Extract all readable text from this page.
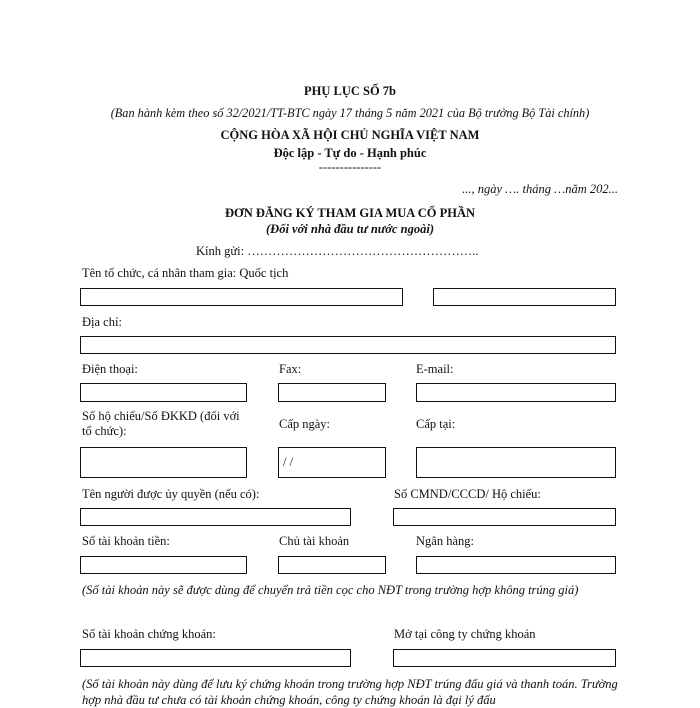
PHỤ LỤC SỐ 7b
(Ban hành kèm theo số 32/2021/TT-BTC ngày 17 tháng 5 năm 2021 của Bộ trưởng Bộ Tài chính)
CỘNG HÒA XÃ HỘI CHỦ NGHĨA VIỆT NAM
Độc lập - Tự do - Hạnh phúc
---------------
..., ngày …. tháng …năm 202...
ĐƠN ĐĂNG KÝ THAM GIA MUA CỔ PHẦN
(Đối với nhà đầu tư nước ngoài)
Kính gửi: ………………………………………………..
Tên tổ chức, cá nhân tham gia: Quốc tịch
Địa chỉ:
Điện thoại:	Fax:	E-mail:
Số hộ chiếu/Số ĐKKD (đối với tổ chức):	Cấp ngày:	Cấp tại:
/ /
Tên người được ủy quyền (nếu có):	Số CMND/CCCD/ Hộ chiếu:
Số tài khoản tiền:	Chủ tài khoản	Ngân hàng:
(Số tài khoản này sẽ được dùng để chuyển trả tiền cọc cho NĐT trong trường hợp không trúng giá)
Số tài khoản chứng khoán:	Mở tại công ty chứng khoán
(Số tài khoản này dùng để lưu ký chứng khoán trong trường hợp NĐT trúng đấu giá và thanh toán. Trường hợp nhà đầu tư chưa có tài khoản chứng khoán, công ty chứng khoán là đại lý đấu
